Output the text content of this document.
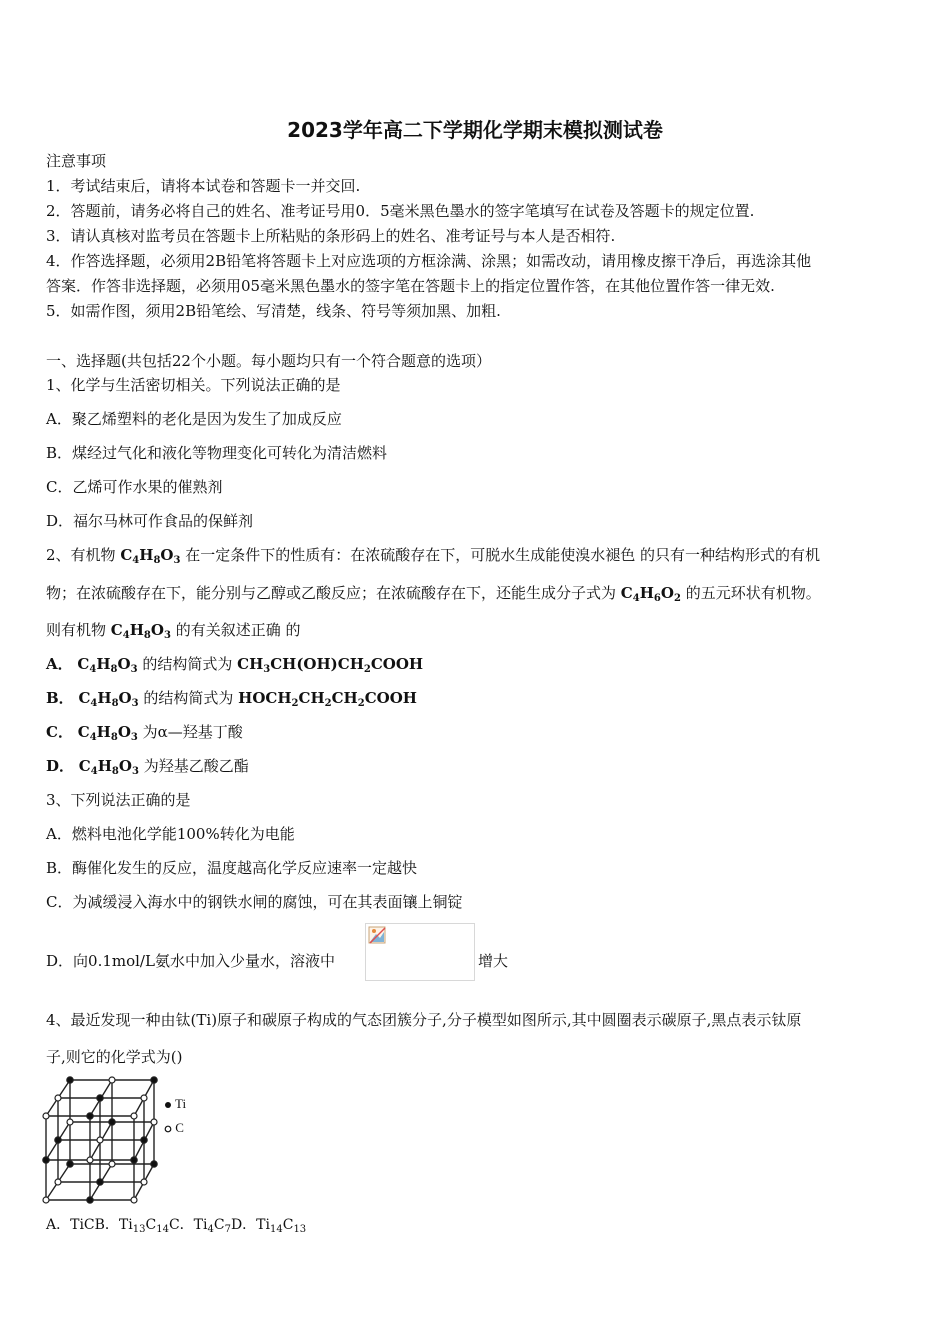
2023学年高二下学期化学期末模拟测试卷
注意事项
1．考试结束后，请将本试卷和答题卡一并交回.
2．答题前，请务必将自己的姓名、准考证号用0．5毫米黑色墨水的签字笔填写在试卷及答题卡的规定位置.
3．请认真核对监考员在答题卡上所粘贴的条形码上的姓名、准考证号与本人是否相符.
4．作答选择题，必须用2B铅笔将答题卡上对应选项的方框涂满、涂黑；如需改动，请用橡皮擦干净后，再选涂其他
答案．作答非选择题，必须用05毫米黑色墨水的签字笔在答题卡上的指定位置作答，在其他位置作答一律无效.
5．如需作图，须用2B铅笔绘、写清楚，线条、符号等须加黑、加粗.
一、选择题(共包括22个小题。每小题均只有一个符合题意的选项）
1、化学与生活密切相关。下列说法正确的是
A．聚乙烯塑料的老化是因为发生了加成反应
B．煤经过气化和液化等物理变化可转化为清洁燃料
C．乙烯可作水果的催熟剂
D．福尔马林可作食品的保鲜剂
2、有机物 $C_4H_8O_3$ 在一定条件下的性质有：在浓硫酸存在下，可脱水生成能使溴水褪色 的只有一种结构形式的有机
物；在浓硫酸存在下，能分别与乙醇或乙酸反应；在浓硫酸存在下，还能生成分子式为 $C_4H_6O_2$ 的五元环状有机物。
则有机物 $C_4H_8O_3$ 的有关叙述正确 的
A． $C_4H_8O_3$ 的结构简式为 $CH_3CH(OH)CH_2COOH$
B． $C_4H_8O_3$ 的结构简式为 $HOCH_2CH_2CH_2COOH$
C． $C_4H_8O_3$ 为α—羟基丁酸
D． $C_4H_8O_3$ 为羟基乙酸乙酯
3、下列说法正确的是
A．燃料电池化学能100%转化为电能
B．酶催化发生的反应，温度越高化学反应速率一定越快
C．为减缓浸入海水中的钢铁水闸的腐蚀，可在其表面镶上铜锭
D．向0.1mol/L氨水中加入少量水，溶液中	增大
4、最近发现一种由钛(Ti)原子和碳原子构成的气态团簇分子,分子模型如图所示,其中圆圈表示碳原子,黑点表示钛原
子,则它的化学式为()
Ti
C
A．TiCB．$Ti_{13}C_{14}C$．$Ti_4C_7D$．$Ti_{14}C_{13}$
